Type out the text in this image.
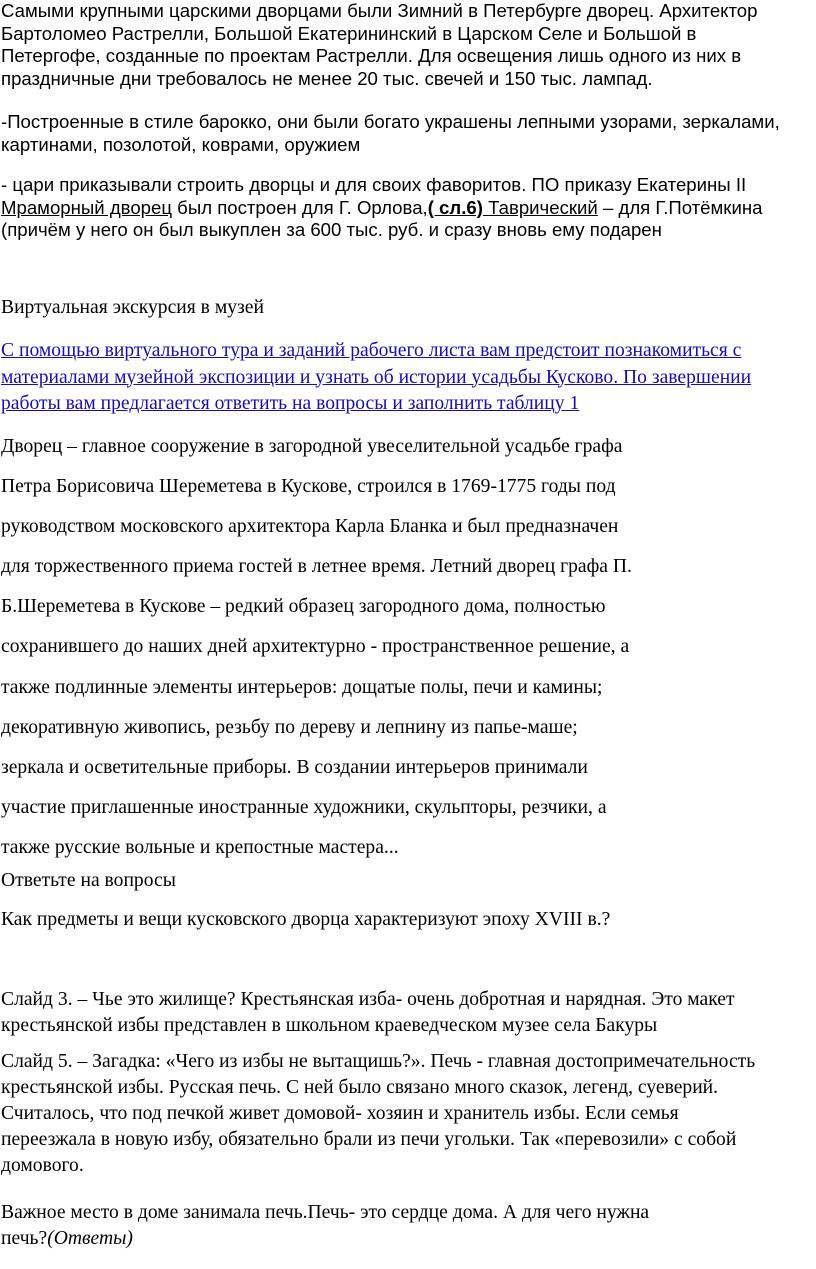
Самыми крупными царскими дворцами были Зимний в Петербурге дворец. Архитектор
Бартоломео Растрелли, Большой Екатерининский в Царском Селе и Большой в
Петергофе, созданные по проектам Растрелли. Для освещения лишь одного из них в
праздничные дни требовалось не менее 20 тыс. свечей и 150 тыс. лампад.
-Построенные в стиле барокко, они были богато украшены лепными узорами, зеркалами,
картинами, позолотой, коврами, оружием
- цари приказывали строить дворцы и для своих фаворитов. ПО приказу Екатерины II
Мраморный дворец был построен для Г. Орлова,( сл.6) Таврический – для Г.Потёмкина
(причём у него он был выкуплен за 600 тыс. руб. и сразу вновь ему подарен
Виртуальная экскурсия в музей
С помощью виртуального тура и заданий рабочего листа вам предстоит познакомиться с
материалами музейной экспозиции и узнать об истории усадьбы Кусково. По завершении
работы вам предлагается ответить на вопросы и заполнить таблицу 1
Дворец – главное сооружение в загородной увеселительной усадьбе графа
Петра Борисовича Шереметева в Кускове, строился в 1769-1775 годы под
руководством московского архитектора Карла Бланка и был предназначен
для торжественного приема гостей в летнее время. Летний дворец графа П.
Б.Шереметева в Кускове – редкий образец загородного дома, полностью
сохранившего до наших дней архитектурно - пространственное решение, а
также подлинные элементы интерьеров: дощатые полы, печи и камины;
декоративную живопись, резьбу по дереву и лепнину из папье-маше;
зеркала и осветительные приборы. В создании интерьеров принимали
участие приглашенные иностранные художники, скульпторы, резчики, а
также русские вольные и крепостные мастера...
Ответьте на вопросы
Как предметы и вещи кусковского дворца характеризуют эпоху XVIII в.?
Слайд 3. – Чье это жилище? Крестьянская изба- очень добротная и нарядная. Это макет
крестьянской избы представлен в школьном краеведческом музее села Бакуры
Слайд 5. – Загадка: «Чего из избы не вытащишь?». Печь - главная достопримечательность
крестьянской избы. Русская печь. С ней было связано много сказок, легенд, суеверий.
Считалось, что под печкой живет домовой- хозяин и хранитель избы. Если семья
переезжала в новую избу, обязательно брали из печи угольки. Так «перевозили» с собой
домового.
Важное место в доме занимала печь.Печь- это сердце дома. А для чего нужна
печь?(Ответы)
